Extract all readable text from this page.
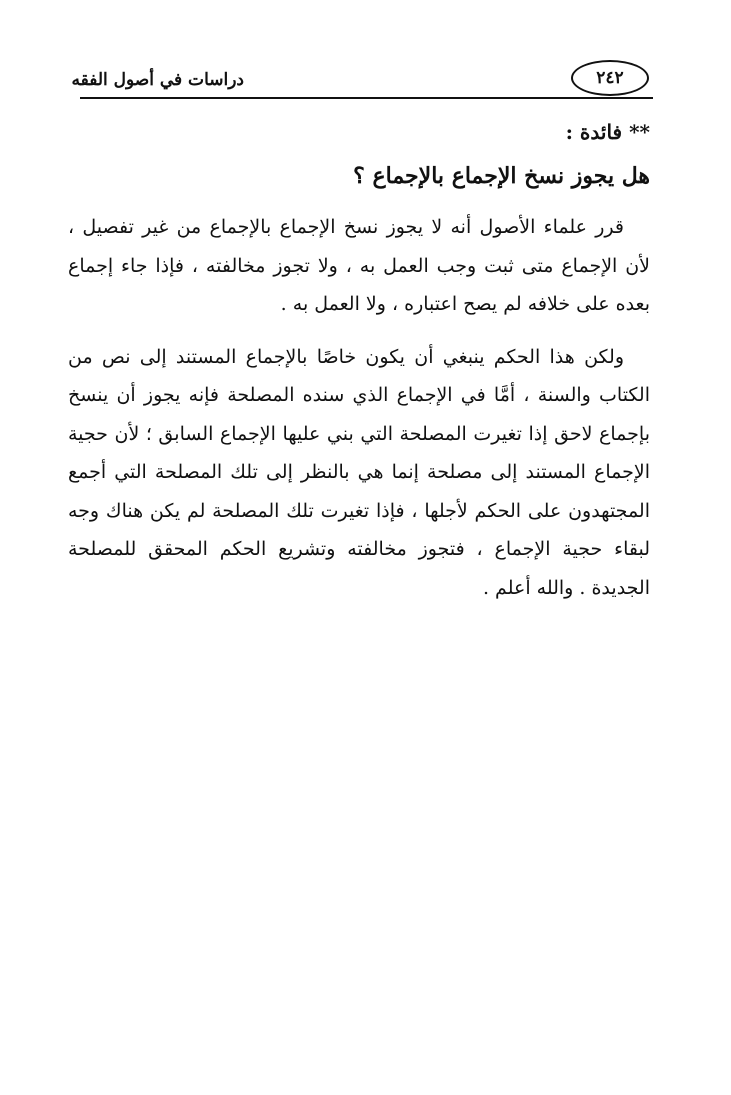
دراسات في أصول الفقه	٢٤٢
** فائدة :
هل يجوز نسخ الإجماع بالإجماع ؟

قرر علماء الأصول أنه لا يجوز نسخ الإجماع بالإجماع من غير تفصيل ، لأن الإجماع متى ثبت وجب العمل به ، ولا تجوز مخالفته ، فإذا جاء إجماع بعده على خلافه لم يصح اعتباره ، ولا العمل به .

ولكن هذا الحكم ينبغي أن يكون خاصًا بالإجماع المستند إلى نص من الكتاب والسنة ، أمَّا في الإجماع الذي سنده المصلحة فإنه يجوز أن ينسخ بإجماع لاحق إذا تغيرت المصلحة التي بني عليها الإجماع السابق ؛ لأن حجية الإجماع المستند إلى مصلحة إنما هي بالنظر إلى تلك المصلحة التي أجمع المجتهدون على الحكم لأجلها ، فإذا تغيرت تلك المصلحة لم يكن هناك وجه لبقاء حجية الإجماع ، فتجوز مخالفته وتشريع الحكم المحقق للمصلحة الجديدة . والله أعلم .
